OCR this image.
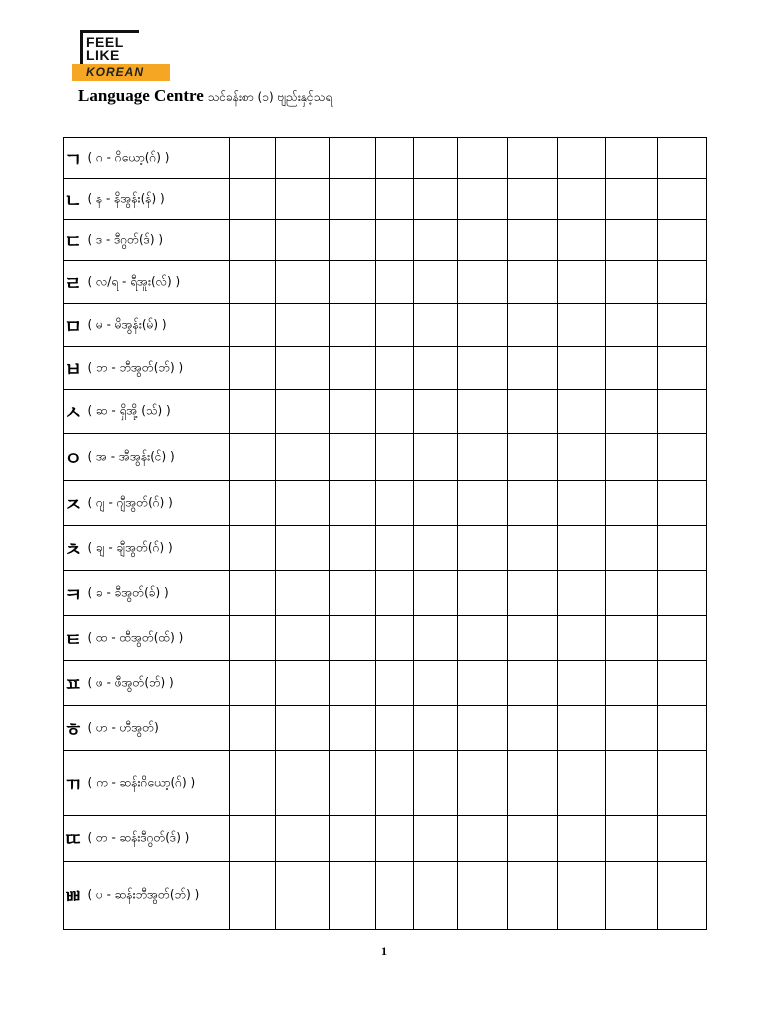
FEEL
LIKE
KOREAN
Language Centre သင်ခန်းစာ (၁) ဗျည်းနှင့်သရ
ㄱ ( ဂ - ဂိယော့(ဂ်) )										
ㄴ ( န - နိအွန်း(န်) )										
ㄷ ( ဒ - ဒီဂွတ်(ဒ်) )										
ㄹ ( လ/ရ - ရီအူး(လ်) )										
ㅁ ( မ - မိအွန်း(မ်) )										
ㅂ ( ဘ - ဘီအွတ်(ဘ်) )										
ㅅ ( ဆ - ရှိအို့ (သ်) )										
ㅇ ( အ - အီအွန်း(င်) )										
ㅈ ( ဂျ - ဂျီအွတ်(ဂ်) )										
ㅊ ( ချ - ချီအွတ်(ဂ်) )										
ㅋ ( ခ - ခီအွတ်(ခ်) )										
ㅌ ( ထ - ထီအွတ်(ထ်) )										
ㅍ ( ဖ - ဖီအွတ်(ဘ်) )										
ㅎ ( ဟ - ဟီအွတ်)										
ㄲ ( က - ဆန်းဂိယော့(ဂ်) )										
ㄸ ( တ - ဆန်းဒီဂွတ်(ဒ်) )										
ㅃ ( ပ - ဆန်းဘီအွတ်(ဘ်) )										
1
